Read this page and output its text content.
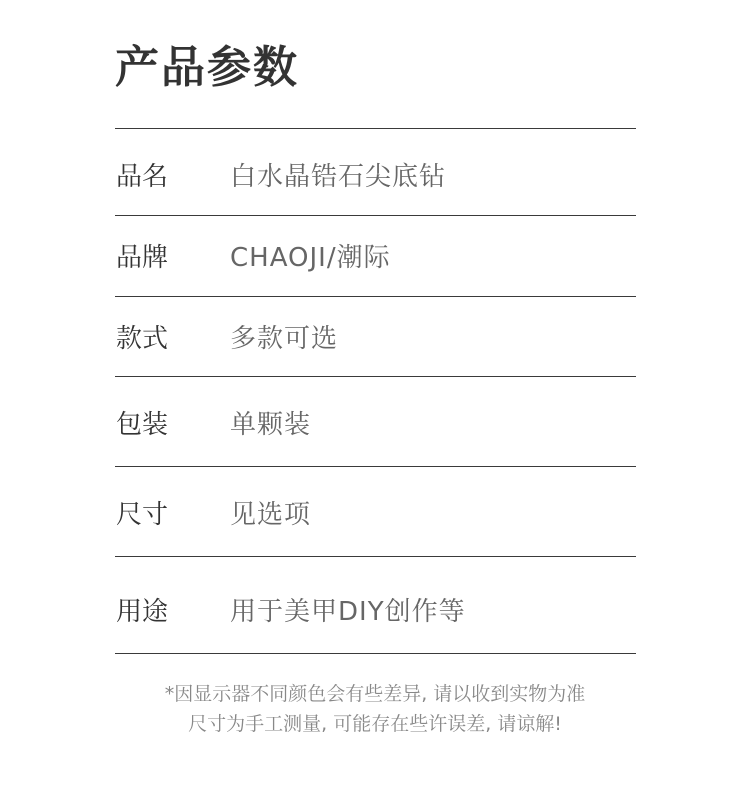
产品参数
品名 白水晶锆石尖底钻
品牌 CHAOJI/潮际
款式 多款可选
包装 单颗装
尺寸 见选项
用途 用于美甲DIY创作等
*因显示器不同颜色会有些差异, 请以收到实物为准
尺寸为手工测量, 可能存在些许误差, 请谅解!
